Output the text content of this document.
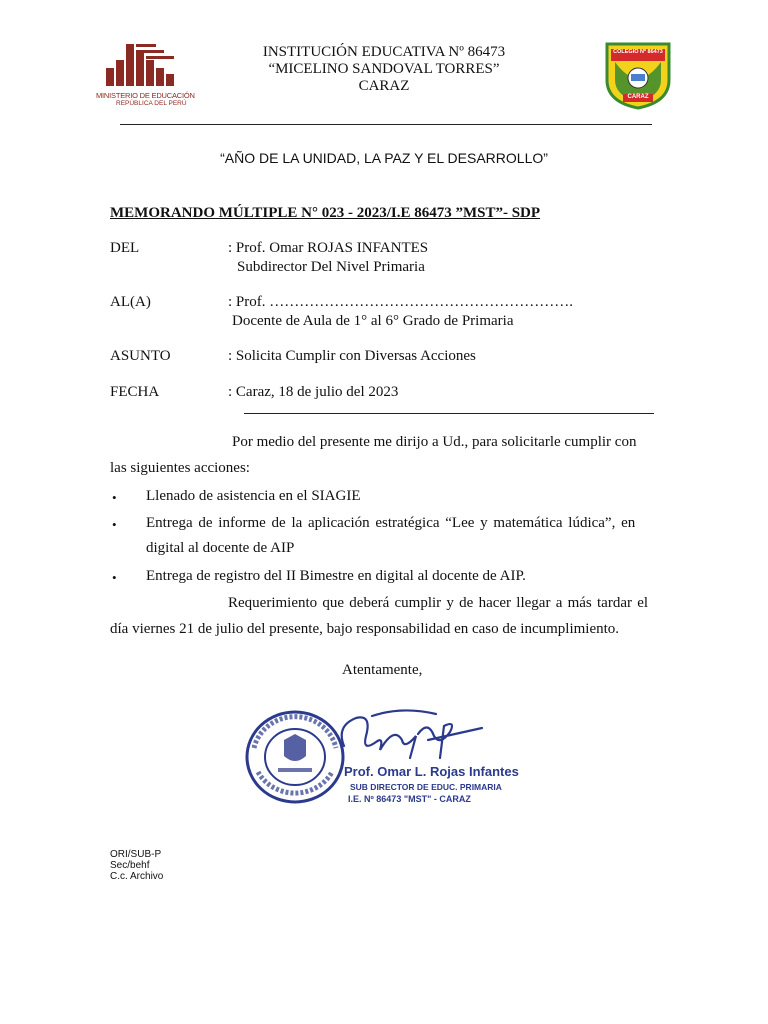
MINISTERIO DE EDUCACIÓN
REPÚBLICA DEL PERÚ
INSTITUCIÓN EDUCATIVA Nº 86473
“MICELINO SANDOVAL TORRES”
CARAZ
COLEGIO Nº 86473
CARAZ
“AÑO DE LA UNIDAD, LA PAZ Y EL DESARROLLO”
MEMORANDO MÚLTIPLE N° 023 - 2023/I.E 86473 ”MST”- SDP
DEL	: Prof. Omar ROJAS INFANTES
Subdirector Del Nivel Primaria
AL(A)	: Prof. …………………………………………………….
Docente de Aula de 1° al 6° Grado de Primaria
ASUNTO	: Solicita Cumplir con Diversas Acciones
FECHA	: Caraz, 18 de julio del 2023
Por medio del presente me dirijo a Ud., para solicitarle cumplir con
las siguientes acciones:
• Llenado de asistencia en el SIAGIE
• Entrega de informe de la aplicación estratégica “Lee y matemática lúdica”, en
digital al docente de AIP
• Entrega de registro del II Bimestre en digital al docente de AIP.
Requerimiento que deberá cumplir y de hacer llegar a más tardar el
día viernes 21 de julio del presente, bajo responsabilidad en caso de incumplimiento.
Atentamente,
Prof. Omar L. Rojas Infantes
SUB DIRECTOR DE EDUC. PRIMARIA
I.E. Nº 86473 "MST" - CARAZ
ORI/SUB-P
Sec/behf
C.c. Archivo
